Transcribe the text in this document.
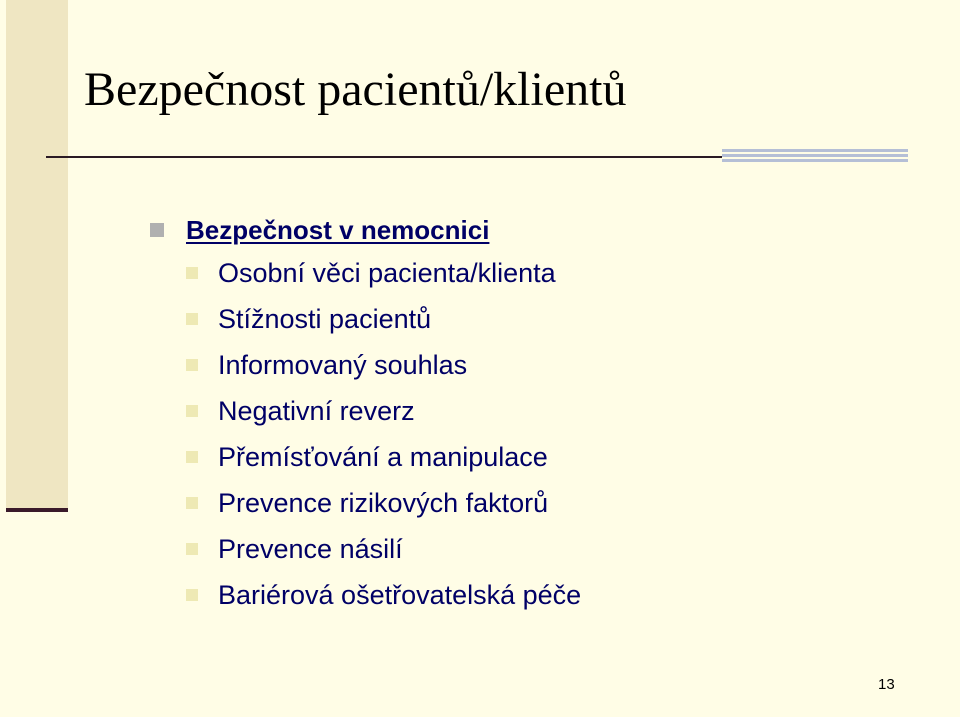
Bezpečnost pacientů/klientů
Bezpečnost v nemocnici
Osobní věci pacienta/klienta
Stížnosti pacientů
Informovaný souhlas
Negativní reverz
Přemísťování a manipulace
Prevence rizikových faktorů
Prevence násilí
Bariérová ošetřovatelská péče
13
